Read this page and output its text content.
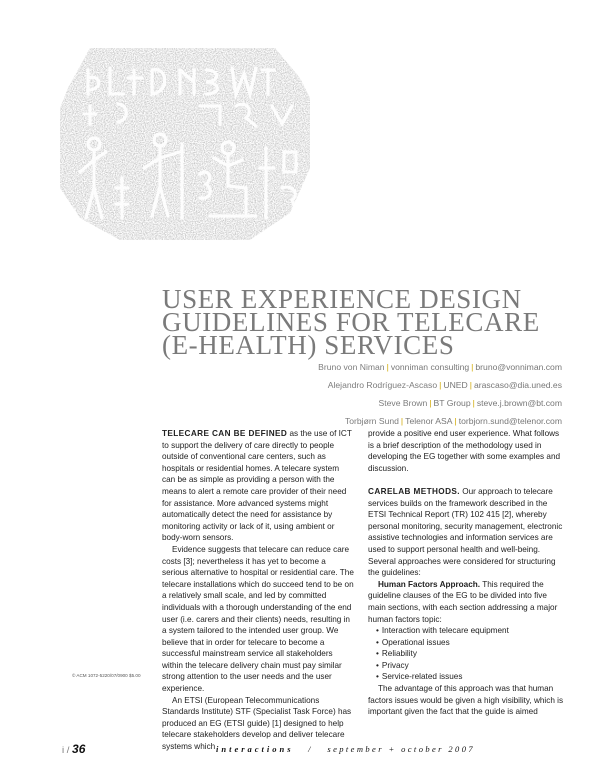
USER EXPERIENCE DESIGN
GUIDELINES FOR TELECARE
(E-HEALTH) SERVICES
Bruno von Niman | vonniman consulting | bruno@vonniman.com
Alejandro Rodríguez-Ascaso | UNED | arascaso@dia.uned.es
Steve Brown | BT Group | steve.j.brown@bt.com
Torbjørn Sund | Telenor ASA | torbjorn.sund@telenor.com

TELECARE CAN BE DEFINED as the use of ICT to support the delivery of care directly to people outside of conventional care centers, such as hospitals or residential homes. A telecare system can be as simple as providing a person with the means to alert a remote care provider of their need for assistance. More advanced systems might automatically detect the need for assistance by monitoring activity or lack of it, using ambient or body-worn sensors.

Evidence suggests that telecare can reduce care costs [3]; nevertheless it has yet to become a serious alternative to hospital or residential care. The telecare installations which do succeed tend to be on a relatively small scale, and led by committed individuals with a thorough understanding of the end user (i.e. carers and their clients) needs, resulting in a system tailored to the intended user group. We believe that in order for telecare to become a successful mainstream service all stakeholders within the telecare delivery chain must pay similar strong attention to the user needs and the user experience.

An ETSI (European Telecommunications Standards Institute) STF (Specialist Task Force) has produced an EG (ETSI guide) [1] designed to help telecare stakeholders develop and deliver telecare systems which

provide a positive end user experience. What follows is a brief description of the methodology used in developing the EG together with some examples and discussion.

CARELAB METHODS. Our approach to telecare services builds on the framework described in the ETSI Technical Report (TR) 102 415 [2], whereby personal monitoring, security management, electronic assistive technologies and information services are used to support personal health and well-being. Several approaches were considered for structuring the guidelines:

Human Factors Approach. This required the guideline clauses of the EG to be divided into five main sections, with each section addressing a major human factors topic:

• Interaction with telecare equipment
• Operational issues
• Reliability
• Privacy
• Service-related issues

The advantage of this approach was that human factors issues would be given a high visibility, which is important given the fact that the guide is aimed

© ACM 1072-5220/07/0900 $5.00
i / 36	interactions / september + october 2007
